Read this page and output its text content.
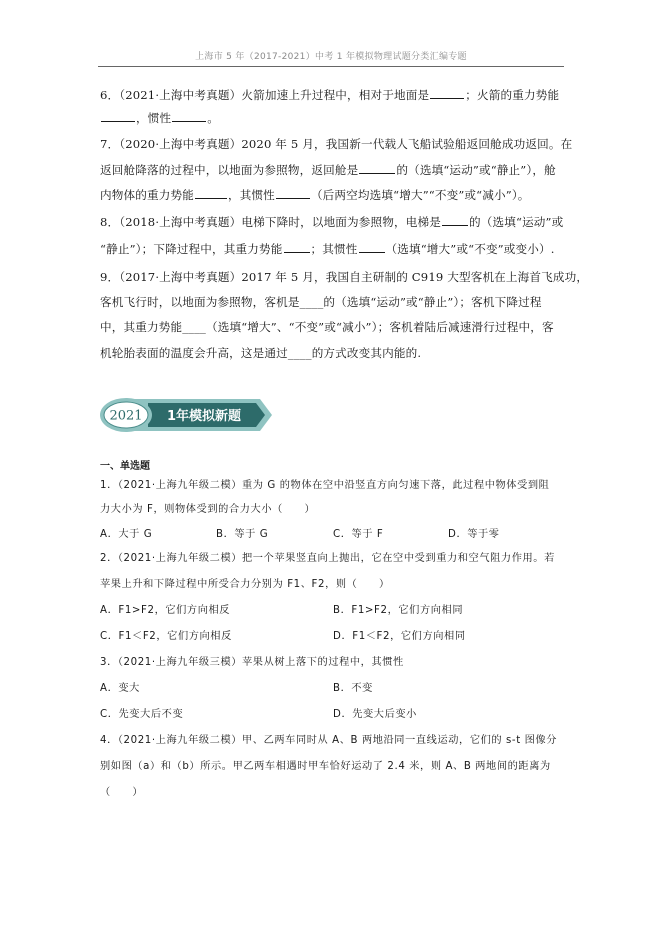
上海市 5 年（2017-2021）中考 1 年模拟物理试题分类汇编专题
6．（2021·上海中考真题）火箭加速上升过程中，相对于地面是	；火箭的重力势能
，惯性	。
7．（2020·上海中考真题）2020 年 5 月，我国新一代载人飞船试验船返回舱成功返回。在
返回舱降落的过程中，以地面为参照物，返回舱是	的（选填“运动”或“静止”），舱
内物体的重力势能	，其惯性	（后两空均选填“增大”“不变”或“减小”）。
8．（2018·上海中考真题）电梯下降时，以地面为参照物，电梯是 的（选填“运动”或
“静止”）；下降过程中，其重力势能 ；其惯性 （选填“增大”或“不变”或变小）.
9．（2017·上海中考真题）2017 年 5 月，我国自主研制的 C919 大型客机在上海首飞成功，
客机飞行时，以地面为参照物，客机是____的（选填“运动”或“静止”）；客机下降过程
中，其重力势能____（选填“增大”、“不变”或“减小”）；客机着陆后减速滑行过程中，客
机轮胎表面的温度会升高，这是通过____的方式改变其内能的.
2021 1年模拟新题
一、单选题
1．（2021·上海九年级二模）重为 G 的物体在空中沿竖直方向匀速下落，此过程中物体受到阻
力大小为 F，则物体受到的合力大小（　　）
A．大于 G	B．等于 G	C．等于 F	D．等于零
2．（2021·上海九年级二模）把一个苹果竖直向上抛出，它在空中受到重力和空气阻力作用。若
苹果上升和下降过程中所受合力分别为 F1、F2，则（　　）
A．F1>F2，它们方向相反	B．F1>F2，它们方向相同
C．F1＜F2，它们方向相反	D．F1＜F2，它们方向相同
3．（2021·上海九年级三模）苹果从树上落下的过程中，其惯性
A．变大	B．不变
C．先变大后不变	D．先变大后变小
4．（2021·上海九年级二模）甲、乙两车同时从 A、B 两地沿同一直线运动，它们的 s-t 图像分
别如图（a）和（b）所示。甲乙两车相遇时甲车恰好运动了 2.4 米，则 A、B 两地间的距离为
（　　）
